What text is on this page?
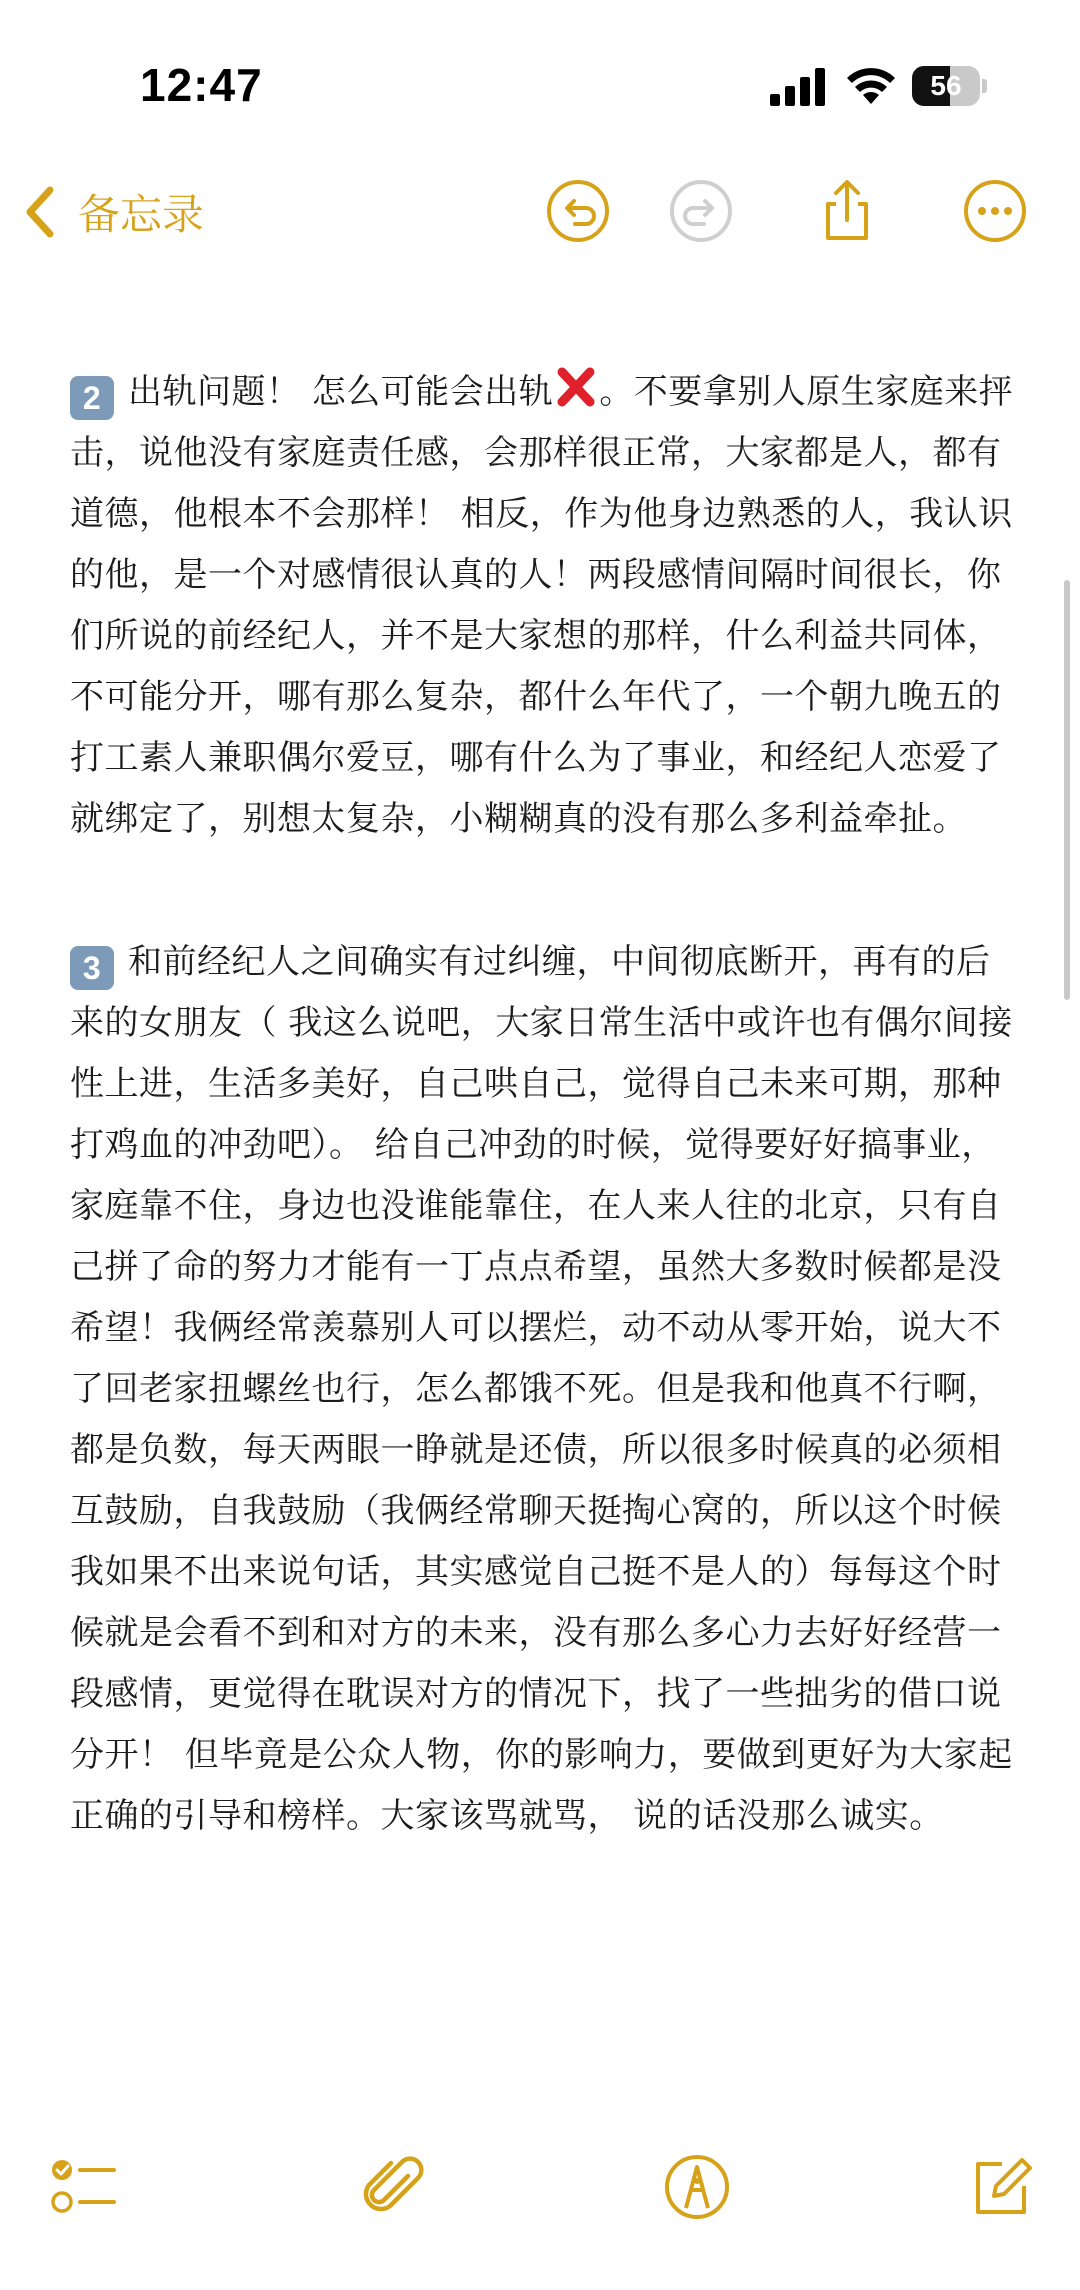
12:47	56
备忘录

2 出轨问题！ 怎么可能会出轨 。不要拿别人原生家庭来抨击，说他没有家庭责任感，会那样很正常，大家都是人，都有道德，他根本不会那样！ 相反，作为他身边熟悉的人，我认识的他，是一个对感情很认真的人！两段感情间隔时间很长，你们所说的前经纪人，并不是大家想的那样，什么利益共同体，不可能分开，哪有那么复杂，都什么年代了，一个朝九晚五的打工素人兼职偶尔爱豆，哪有什么为了事业，和经纪人恋爱了就绑定了，别想太复杂，小糊糊真的没有那么多利益牵扯。

3 和前经纪人之间确实有过纠缠，中间彻底断开，再有的后来的女朋友（ 我这么说吧，大家日常生活中或许也有偶尔间接性上进，生活多美好，自己哄自己，觉得自己未来可期，那种打鸡血的冲劲吧）。 给自己冲劲的时候，觉得要好好搞事业，家庭靠不住，身边也没谁能靠住，在人来人往的北京，只有自己拼了命的努力才能有一丁点点希望，虽然大多数时候都是没希望！我俩经常羡慕别人可以摆烂，动不动从零开始，说大不了回老家扭螺丝也行，怎么都饿不死。但是我和他真不行啊，都是负数，每天两眼一睁就是还债，所以很多时候真的必须相互鼓励，自我鼓励（我俩经常聊天挺掏心窝的，所以这个时候我如果不出来说句话，其实感觉自己挺不是人的）每每这个时候就是会看不到和对方的未来，没有那么多心力去好好经营一段感情，更觉得在耽误对方的情况下，找了一些拙劣的借口说分开！ 但毕竟是公众人物，你的影响力，要做到更好为大家起正确的引导和榜样。大家该骂就骂， 说的话没那么诚实。
